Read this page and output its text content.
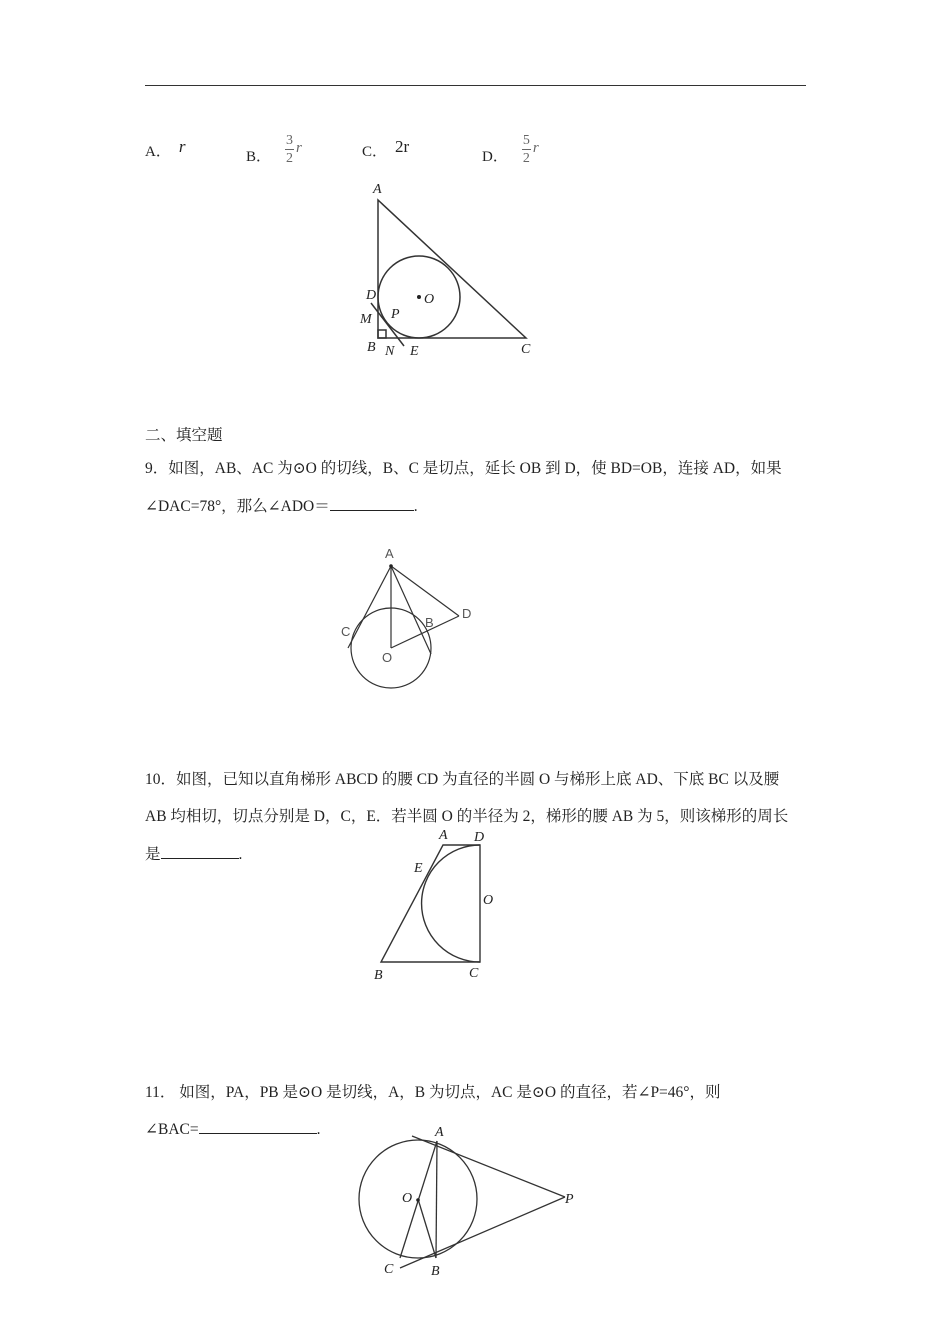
A． r
B． $\frac{3}{2}$ r	C． 2r
D． $\frac{5}{2}$ r
A
D
M P
O
B N E	C
二、填空题
9．如图，AB、AC 为⊙O 的切线，B、C 是切点，延长 OB 到 D，使 BD=OB，连接 AD，如果
∠DAC=78°，那么∠ADO＝	.
A
C
B
D
O
10．如图，已知以直角梯形 ABCD 的腰 CD 为直径的半圆 O 与梯形上底 AD、下底 BC 以及腰
AB 均相切，切点分别是 D，C，E．若半圆 O 的半径为 2，梯形的腰 AB 为 5，则该梯形的周长
是	.
A D
E
O
B	C
11． 如图，PA，PB 是⊙O 是切线，A，B 为切点，AC 是⊙O 的直径，若∠P=46°，则
∠BAC=	.	A
O	P
C	B
